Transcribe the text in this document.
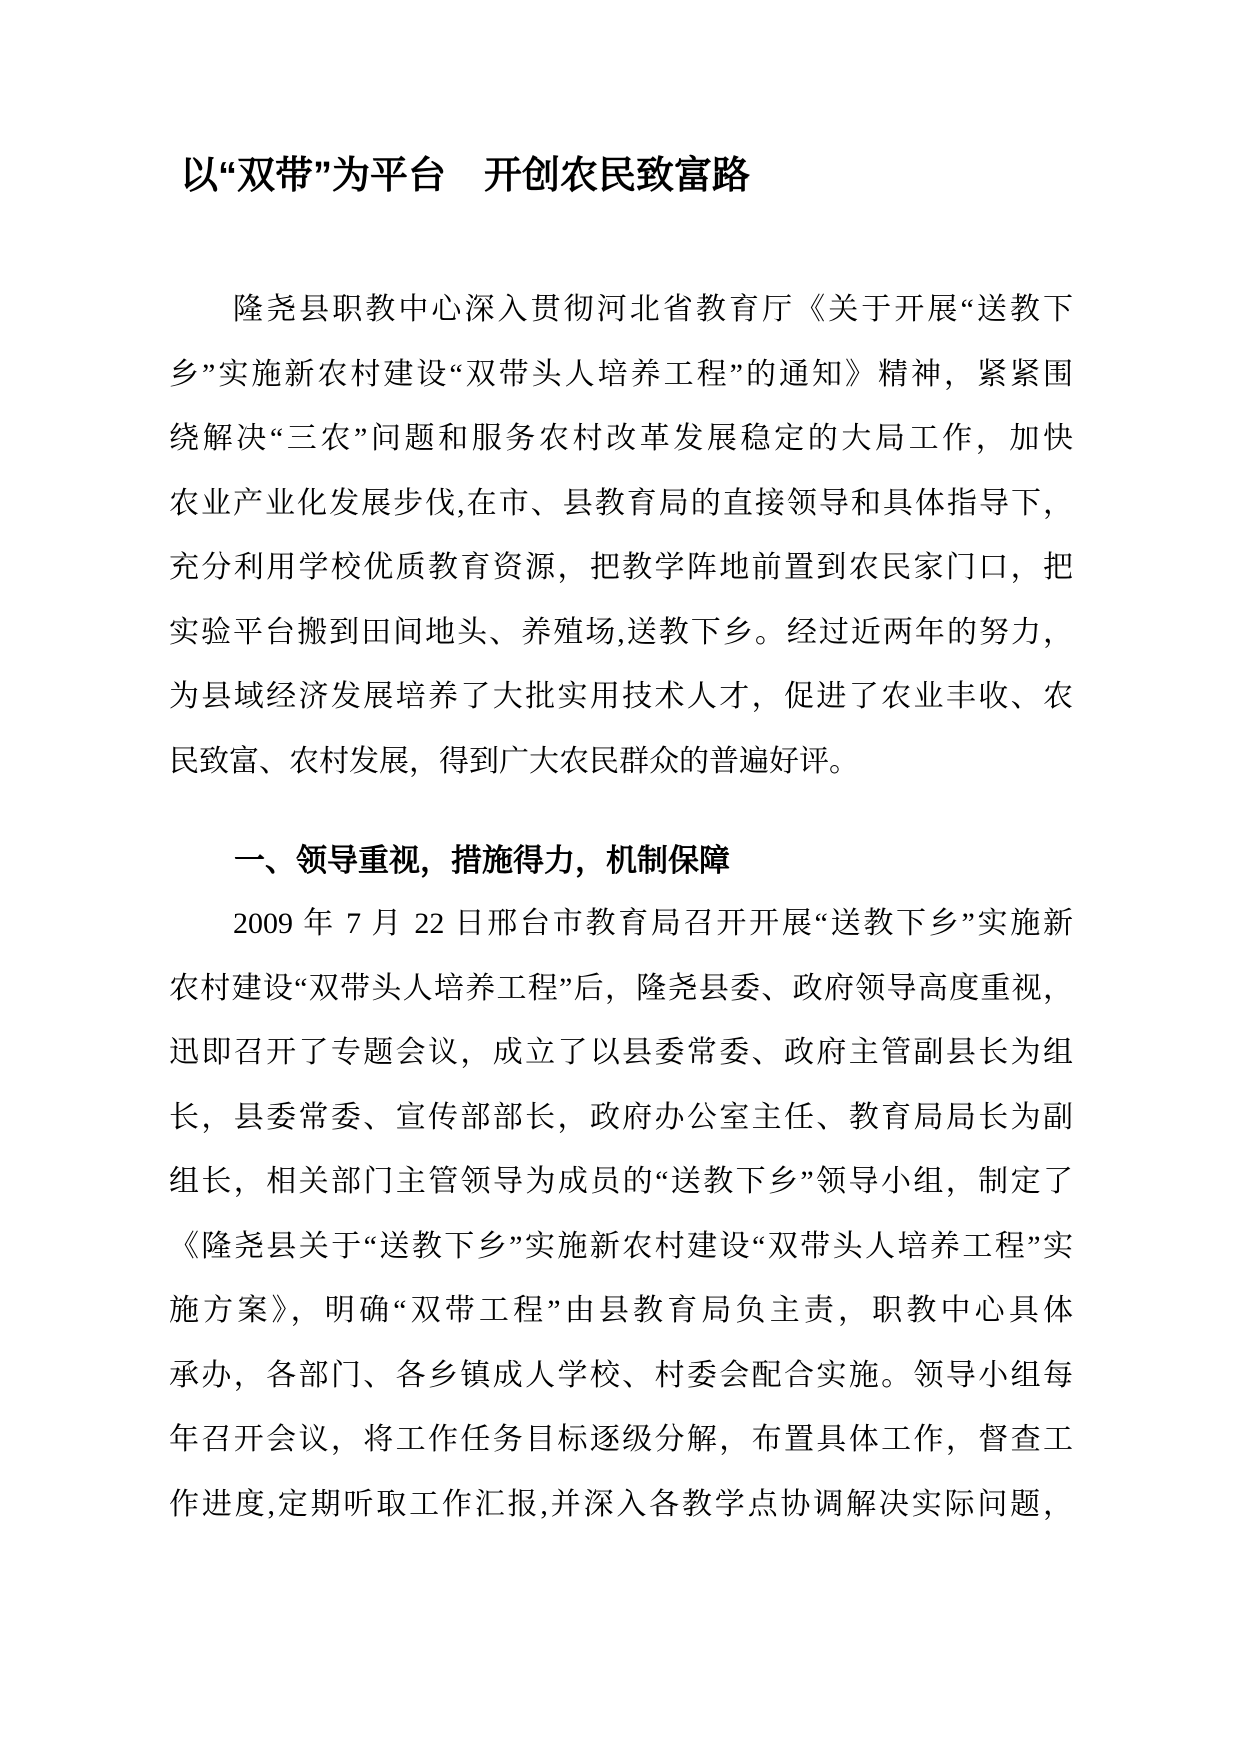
以“双带”为平台　开创农民致富路
隆尧县职教中心深入贯彻河北省教育厅《关于开展“送教下
乡”实施新农村建设“双带头人培养工程”的通知》精神，紧紧围
绕解决“三农”问题和服务农村改革发展稳定的大局工作，加快
农业产业化发展步伐,在市、县教育局的直接领导和具体指导下，
充分利用学校优质教育资源，把教学阵地前置到农民家门口，把
实验平台搬到田间地头、养殖场,送教下乡。经过近两年的努力，
为县域经济发展培养了大批实用技术人才，促进了农业丰收、农
民致富、农村发展，得到广大农民群众的普遍好评。
一、领导重视，措施得力，机制保障
2009 年 7 月 22 日邢台市教育局召开开展“送教下乡”实施新
农村建设“双带头人培养工程”后，隆尧县委、政府领导高度重视，
迅即召开了专题会议，成立了以县委常委、政府主管副县长为组
长，县委常委、宣传部部长，政府办公室主任、教育局局长为副
组长，相关部门主管领导为成员的“送教下乡”领导小组，制定了
《隆尧县关于“送教下乡”实施新农村建设“双带头人培养工程”实
施方案》，明确“双带工程”由县教育局负主责，职教中心具体
承办，各部门、各乡镇成人学校、村委会配合实施。领导小组每
年召开会议，将工作任务目标逐级分解，布置具体工作，督查工
作进度,定期听取工作汇报,并深入各教学点协调解决实际问题，
